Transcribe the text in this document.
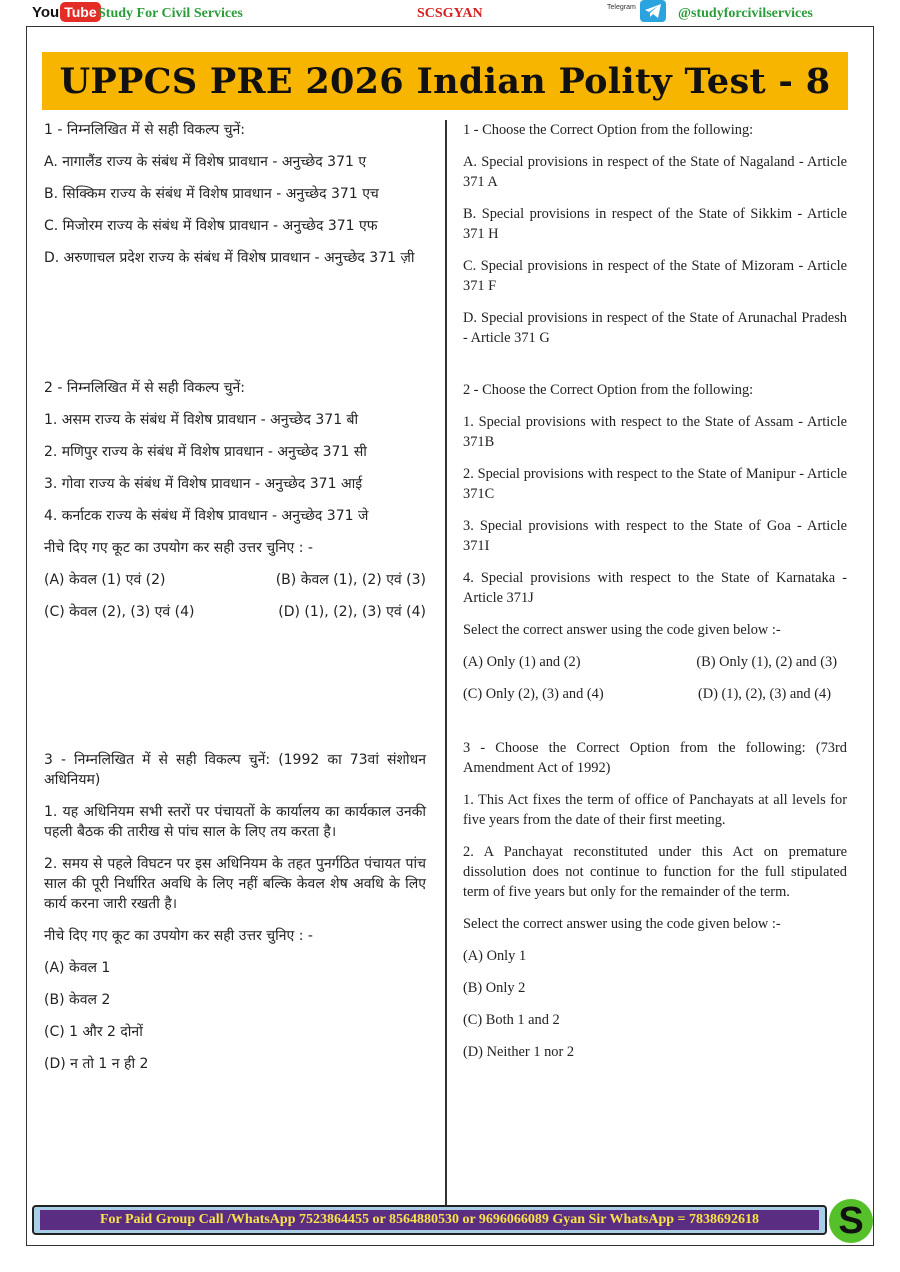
You Tube Study For Civil Services	SCSGYAN	Telegram	@studyforcivilservices
UPPCS PRE 2026 Indian Polity Test - 8
1 - निम्नलिखित में से सही विकल्प चुनें:
A. नागालैंड राज्य के संबंध में विशेष प्रावधान - अनुच्छेद 371 ए
B. सिक्किम राज्य के संबंध में विशेष प्रावधान - अनुच्छेद 371 एच
C. मिजोरम राज्य के संबंध में विशेष प्रावधान - अनुच्छेद 371 एफ
D. अरुणाचल प्रदेश राज्य के संबंध में विशेष प्रावधान - अनुच्छेद 371 ज़ी
2 - निम्नलिखित में से सही विकल्प चुनें:
1. असम राज्य के संबंध में विशेष प्रावधान - अनुच्छेद 371 बी
2. मणिपुर राज्य के संबंध में विशेष प्रावधान - अनुच्छेद 371 सी
3. गोवा राज्य के संबंध में विशेष प्रावधान - अनुच्छेद 371 आई
4. कर्नाटक राज्य के संबंध में विशेष प्रावधान - अनुच्छेद 371 जे
नीचे दिए गए कूट का उपयोग कर सही उत्तर चुनिए : -
(A) केवल (1) एवं (2)	(B) केवल (1), (2) एवं (3)
(C) केवल (2), (3) एवं (4)	(D) (1), (2), (3) एवं (4)
3 - निम्नलिखित में से सही विकल्प चुनें: (1992 का 73वां संशोधन अधिनियम)
1. यह अधिनियम सभी स्तरों पर पंचायतों के कार्यालय का कार्यकाल उनकी पहली बैठक की तारीख से पांच साल के लिए तय करता है।
2. समय से पहले विघटन पर इस अधिनियम के तहत पुनर्गठित पंचायत पांच साल की पूरी निर्धारित अवधि के लिए नहीं बल्कि केवल शेष अवधि के लिए कार्य करना जारी रखती है।
नीचे दिए गए कूट का उपयोग कर सही उत्तर चुनिए : -
(A) केवल 1
(B) केवल 2
(C) 1 और 2 दोनों
(D) न तो 1 न ही 2
1 - Choose the Correct Option from the following:
A. Special provisions in respect of the State of Nagaland - Article 371 A
B. Special provisions in respect of the State of Sikkim - Article 371 H
C. Special provisions in respect of the State of Mizoram - Article 371 F
D. Special provisions in respect of the State of Arunachal Pradesh - Article 371 G
2 - Choose the Correct Option from the following:
1. Special provisions with respect to the State of Assam - Article 371B
2. Special provisions with respect to the State of Manipur - Article 371C
3. Special provisions with respect to the State of Goa - Article 371I
4. Special provisions with respect to the State of Karnataka - Article 371J
Select the correct answer using the code given below :-
(A) Only (1) and (2)	(B) Only (1), (2) and (3)
(C) Only (2), (3) and (4)	(D) (1), (2), (3) and (4)
3 - Choose the Correct Option from the following: (73rd Amendment Act of 1992)
1. This Act fixes the term of office of Panchayats at all levels for five years from the date of their first meeting.
2. A Panchayat reconstituted under this Act on premature dissolution does not continue to function for the full stipulated term of five years but only for the remainder of the term.
Select the correct answer using the code given below :-
(A) Only 1
(B) Only 2
(C) Both 1 and 2
(D) Neither 1 nor 2
For Paid Group Call /WhatsApp 7523864455 or 8564880530 or 9696066089 Gyan Sir WhatsApp = 7838692618 S
